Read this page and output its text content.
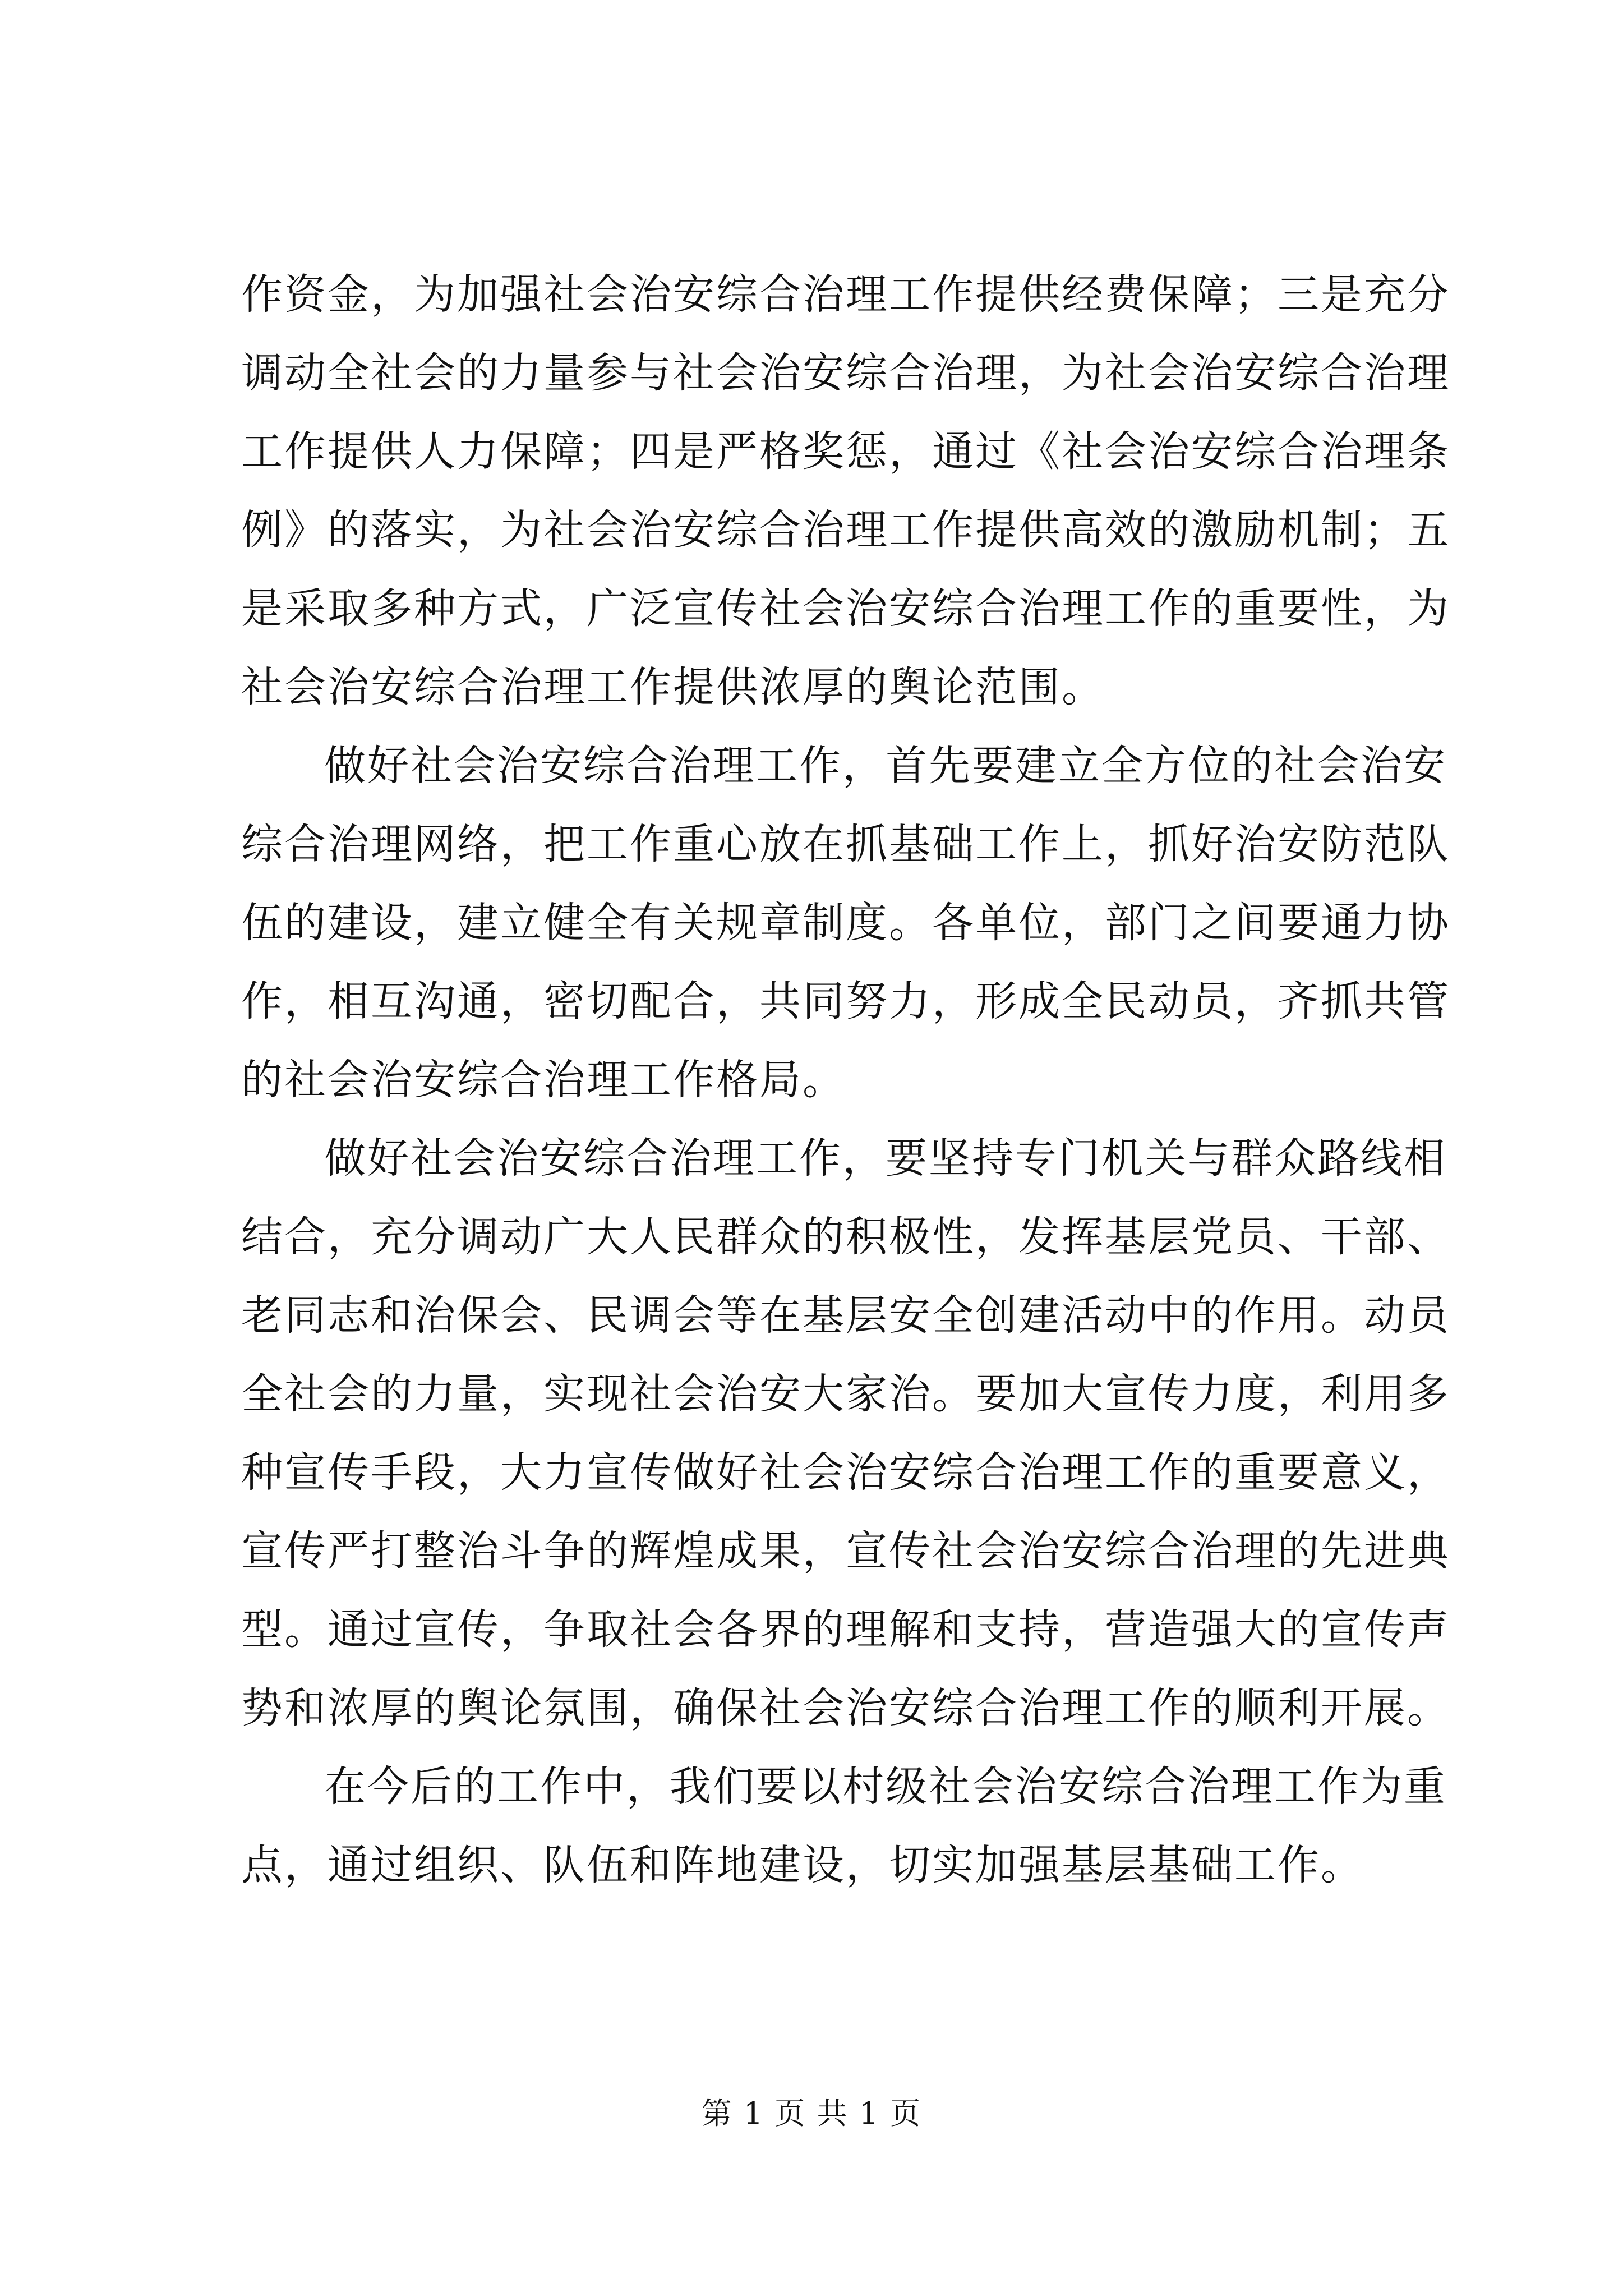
作资金，为加强社会治安综合治理工作提供经费保障；三是充分
调动全社会的力量参与社会治安综合治理，为社会治安综合治理
工作提供人力保障；四是严格奖惩，通过《社会治安综合治理条
例》的落实，为社会治安综合治理工作提供高效的激励机制；五
是采取多种方式，广泛宣传社会治安综合治理工作的重要性，为
社会治安综合治理工作提供浓厚的舆论范围。
做好社会治安综合治理工作，首先要建立全方位的社会治安
综合治理网络，把工作重心放在抓基础工作上，抓好治安防范队
伍的建设，建立健全有关规章制度。各单位，部门之间要通力协
作，相互沟通，密切配合，共同努力，形成全民动员，齐抓共管
的社会治安综合治理工作格局。
做好社会治安综合治理工作，要坚持专门机关与群众路线相
结合，充分调动广大人民群众的积极性，发挥基层党员、干部、
老同志和治保会、民调会等在基层安全创建活动中的作用。动员
全社会的力量，实现社会治安大家治。要加大宣传力度，利用多
种宣传手段，大力宣传做好社会治安综合治理工作的重要意义，
宣传严打整治斗争的辉煌成果，宣传社会治安综合治理的先进典
型。通过宣传，争取社会各界的理解和支持，营造强大的宣传声
势和浓厚的舆论氛围，确保社会治安综合治理工作的顺利开展。
在今后的工作中，我们要以村级社会治安综合治理工作为重
点，通过组织、队伍和阵地建设，切实加强基层基础工作。
第 1 页 共 1 页
